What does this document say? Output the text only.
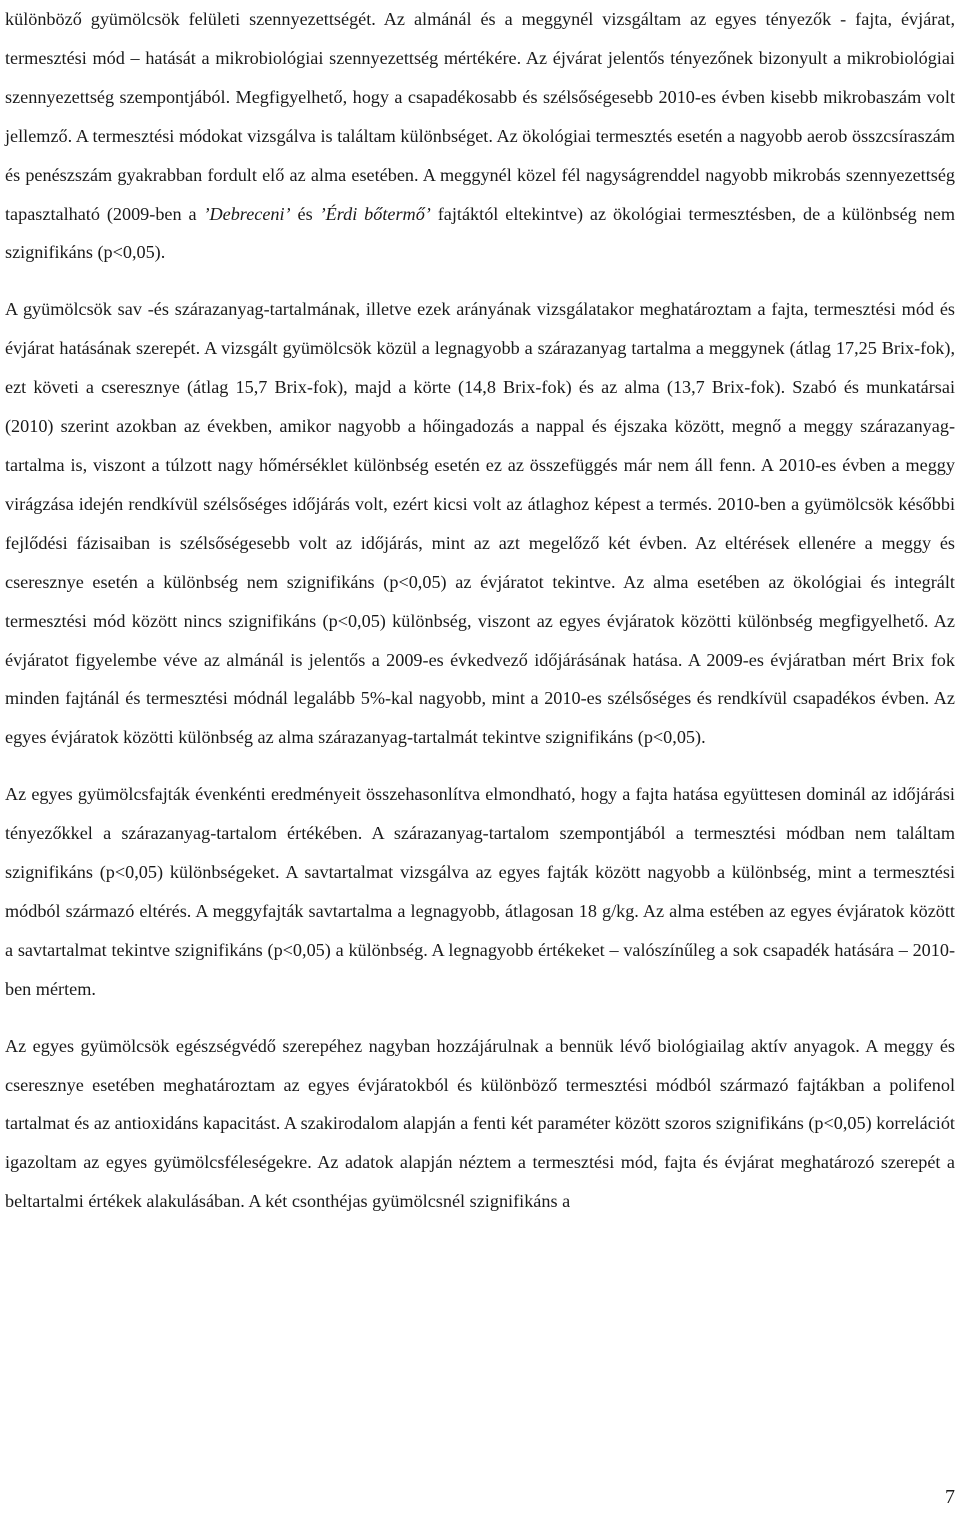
különböző gyümölcsök felületi szennyezettségét. Az almánál és a meggynél vizsgáltam az egyes tényezők - fajta, évjárat, termesztési mód – hatását a mikrobiológiai szennyezettség mértékére. Az éjvárat jelentős tényezőnek bizonyult a mikrobiológiai szennyezettség szempontjából. Megfigyelhető, hogy a csapadékosabb és szélsőségesebb 2010-es évben kisebb mikrobaszám volt jellemző. A termesztési módokat vizsgálva is találtam különbséget. Az ökológiai termesztés esetén a nagyobb aerob összcsíraszám és penészszám gyakrabban fordult elő az alma esetében. A meggynél közel fél nagyságrenddel nagyobb mikrobás szennyezettség tapasztalható (2009-ben a ’Debreceni’ és ’Érdi bőtermő’ fajtáktól eltekintve) az ökológiai termesztésben, de a különbség nem szignifikáns (p<0,05).

A gyümölcsök sav -és szárazanyag-tartalmának, illetve ezek arányának vizsgálatakor meghatároztam a fajta, termesztési mód és évjárat hatásának szerepét. A vizsgált gyümölcsök közül a legnagyobb a szárazanyag tartalma a meggynek (átlag 17,25 Brix-fok), ezt követi a cseresznye (átlag 15,7 Brix-fok), majd a körte (14,8 Brix-fok) és az alma (13,7 Brix-fok). Szabó és munkatársai (2010) szerint azokban az években, amikor nagyobb a hőingadozás a nappal és éjszaka között, megnő a meggy szárazanyag-tartalma is, viszont a túlzott nagy hőmérséklet különbség esetén ez az összefüggés már nem áll fenn. A 2010-es évben a meggy virágzása idején rendkívül szélsőséges időjárás volt, ezért kicsi volt az átlaghoz képest a termés. 2010-ben a gyümölcsök későbbi fejlődési fázisaiban is szélsőségesebb volt az időjárás, mint az azt megelőző két évben. Az eltérések ellenére a meggy és cseresznye esetén a különbség nem szignifikáns (p<0,05) az évjáratot tekintve. Az alma esetében az ökológiai és integrált termesztési mód között nincs szignifikáns (p<0,05) különbség, viszont az egyes évjáratok közötti különbség megfigyelhető. Az évjáratot figyelembe véve az almánál is jelentős a 2009-es évkedvező időjárásának hatása. A 2009-es évjáratban mért Brix fok minden fajtánál és termesztési módnál legalább 5%-kal nagyobb, mint a 2010-es szélsőséges és rendkívül csapadékos évben. Az egyes évjáratok közötti különbség az alma szárazanyag-tartalmát tekintve szignifikáns (p<0,05).

Az egyes gyümölcsfajták évenkénti eredményeit összehasonlítva elmondható, hogy a fajta hatása együttesen dominál az időjárási tényezőkkel a szárazanyag-tartalom értékében. A szárazanyag-tartalom szempontjából a termesztési módban nem találtam szignifikáns (p<0,05) különbségeket. A savtartalmat vizsgálva az egyes fajták között nagyobb a különbség, mint a termesztési módból származó eltérés. A meggyfajták savtartalma a legnagyobb, átlagosan 18 g/kg. Az alma estében az egyes évjáratok között a savtartalmat tekintve szignifikáns (p<0,05) a különbség. A legnagyobb értékeket – valószínűleg a sok csapadék hatására – 2010-ben mértem.

Az egyes gyümölcsök egészségvédő szerepéhez nagyban hozzájárulnak a bennük lévő biológiailag aktív anyagok. A meggy és cseresznye esetében meghatároztam az egyes évjáratokból és különböző termesztési módból származó fajtákban a polifenol tartalmat és az antioxidáns kapacitást. A szakirodalom alapján a fenti két paraméter között szoros szignifikáns (p<0,05) korrelációt igazoltam az egyes gyümölcsféleségekre. Az adatok alapján néztem a termesztési mód, fajta és évjárat meghatározó szerepét a beltartalmi értékek alakulásában. A két csonthéjas gyümölcsnél szignifikáns a

7
